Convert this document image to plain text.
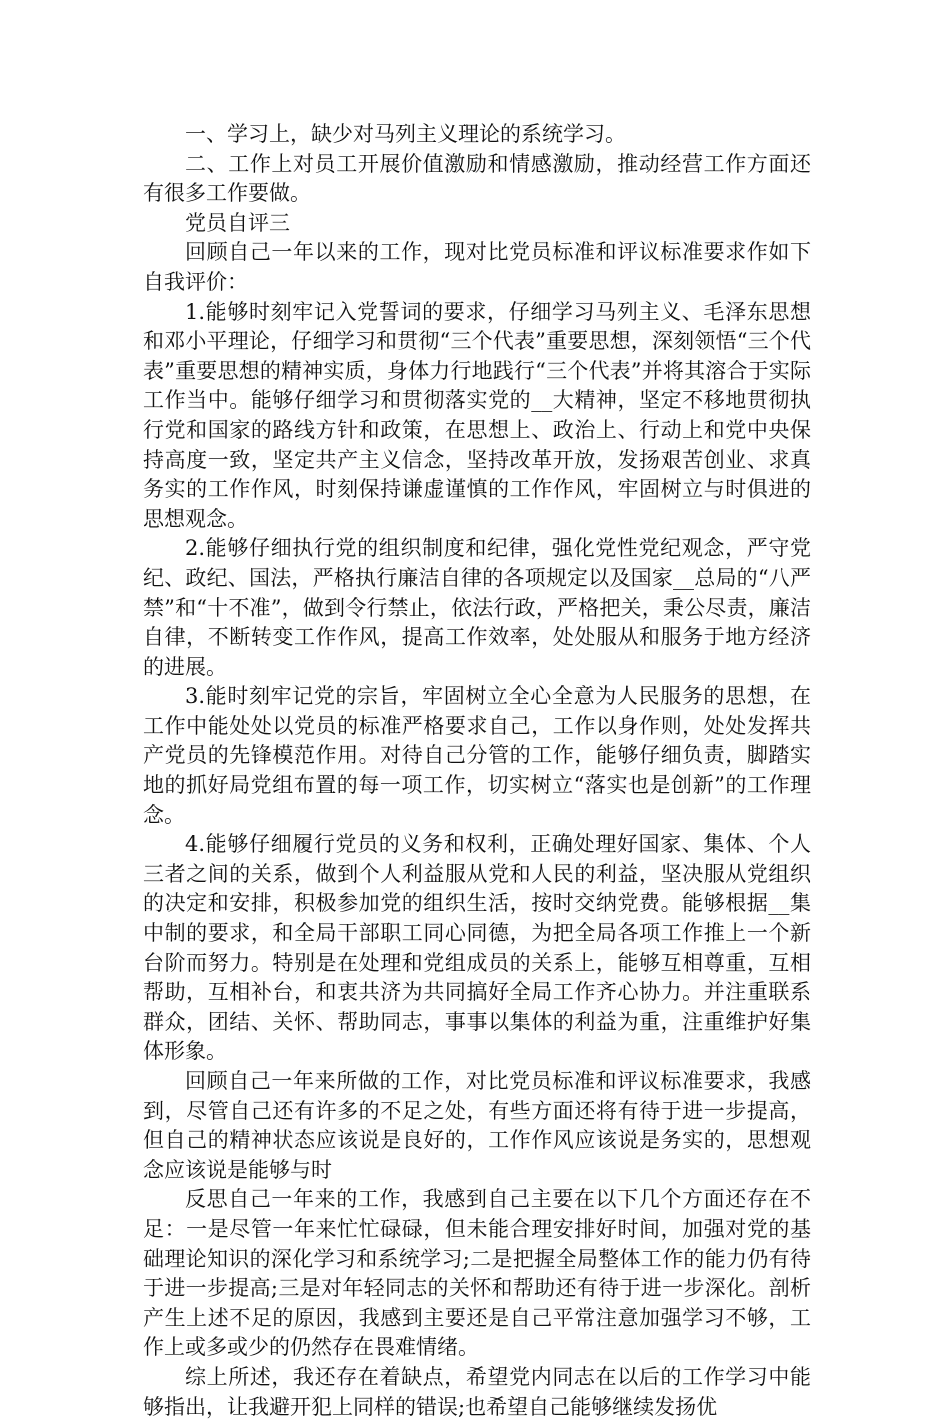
一、学习上，缺少对马列主义理论的系统学习。

二、工作上对员工开展价值激励和情感激励，推动经营工作方面还有很多工作要做。

党员自评三

回顾自己一年以来的工作，现对比党员标准和评议标准要求作如下自我评价：

1.能够时刻牢记入党誓词的要求，仔细学习马列主义、毛泽东思想和邓小平理论，仔细学习和贯彻“三个代表”重要思想，深刻领悟“三个代表”重要思想的精神实质，身体力行地践行“三个代表”并将其溶合于实际工作当中。能够仔细学习和贯彻落实党的__大精神，坚定不移地贯彻执行党和国家的路线方针和政策，在思想上、政治上、行动上和党中央保持高度一致，坚定共产主义信念，坚持改革开放，发扬艰苦创业、求真务实的工作作风，时刻保持谦虚谨慎的工作作风，牢固树立与时俱进的思想观念。

2.能够仔细执行党的组织制度和纪律，强化党性党纪观念，严守党纪、政纪、国法，严格执行廉洁自律的各项规定以及国家__总局的“八严禁”和“十不准”，做到令行禁止，依法行政，严格把关，秉公尽责，廉洁自律，不断转变工作作风，提高工作效率，处处服从和服务于地方经济的进展。

3.能时刻牢记党的宗旨，牢固树立全心全意为人民服务的思想，在工作中能处处以党员的标准严格要求自己，工作以身作则，处处发挥共产党员的先锋模范作用。对待自己分管的工作，能够仔细负责，脚踏实地的抓好局党组布置的每一项工作，切实树立“落实也是创新”的工作理念。

4.能够仔细履行党员的义务和权利，正确处理好国家、集体、个人三者之间的关系，做到个人利益服从党和人民的利益，坚决服从党组织的决定和安排，积极参加党的组织生活，按时交纳党费。能够根据__集中制的要求，和全局干部职工同心同德，为把全局各项工作推上一个新台阶而努力。特别是在处理和党组成员的关系上，能够互相尊重，互相帮助，互相补台，和衷共济为共同搞好全局工作齐心协力。并注重联系群众，团结、关怀、帮助同志，事事以集体的利益为重，注重维护好集体形象。

回顾自己一年来所做的工作，对比党员标准和评议标准要求，我感到，尽管自己还有许多的不足之处，有些方面还将有待于进一步提高，但自己的精神状态应该说是良好的，工作作风应该说是务实的，思想观念应该说是能够与时

反思自己一年来的工作，我感到自己主要在以下几个方面还存在不足：一是尽管一年来忙忙碌碌，但未能合理安排好时间，加强对党的基础理论知识的深化学习和系统学习;二是把握全局整体工作的能力仍有待于进一步提高;三是对年轻同志的关怀和帮助还有待于进一步深化。剖析产生上述不足的原因，我感到主要还是自己平常注意加强学习不够，工作上或多或少的仍然存在畏难情绪。

综上所述，我还存在着缺点，希望党内同志在以后的工作学习中能够指出，让我避开犯上同样的错误;也希望自己能够继续发扬优
